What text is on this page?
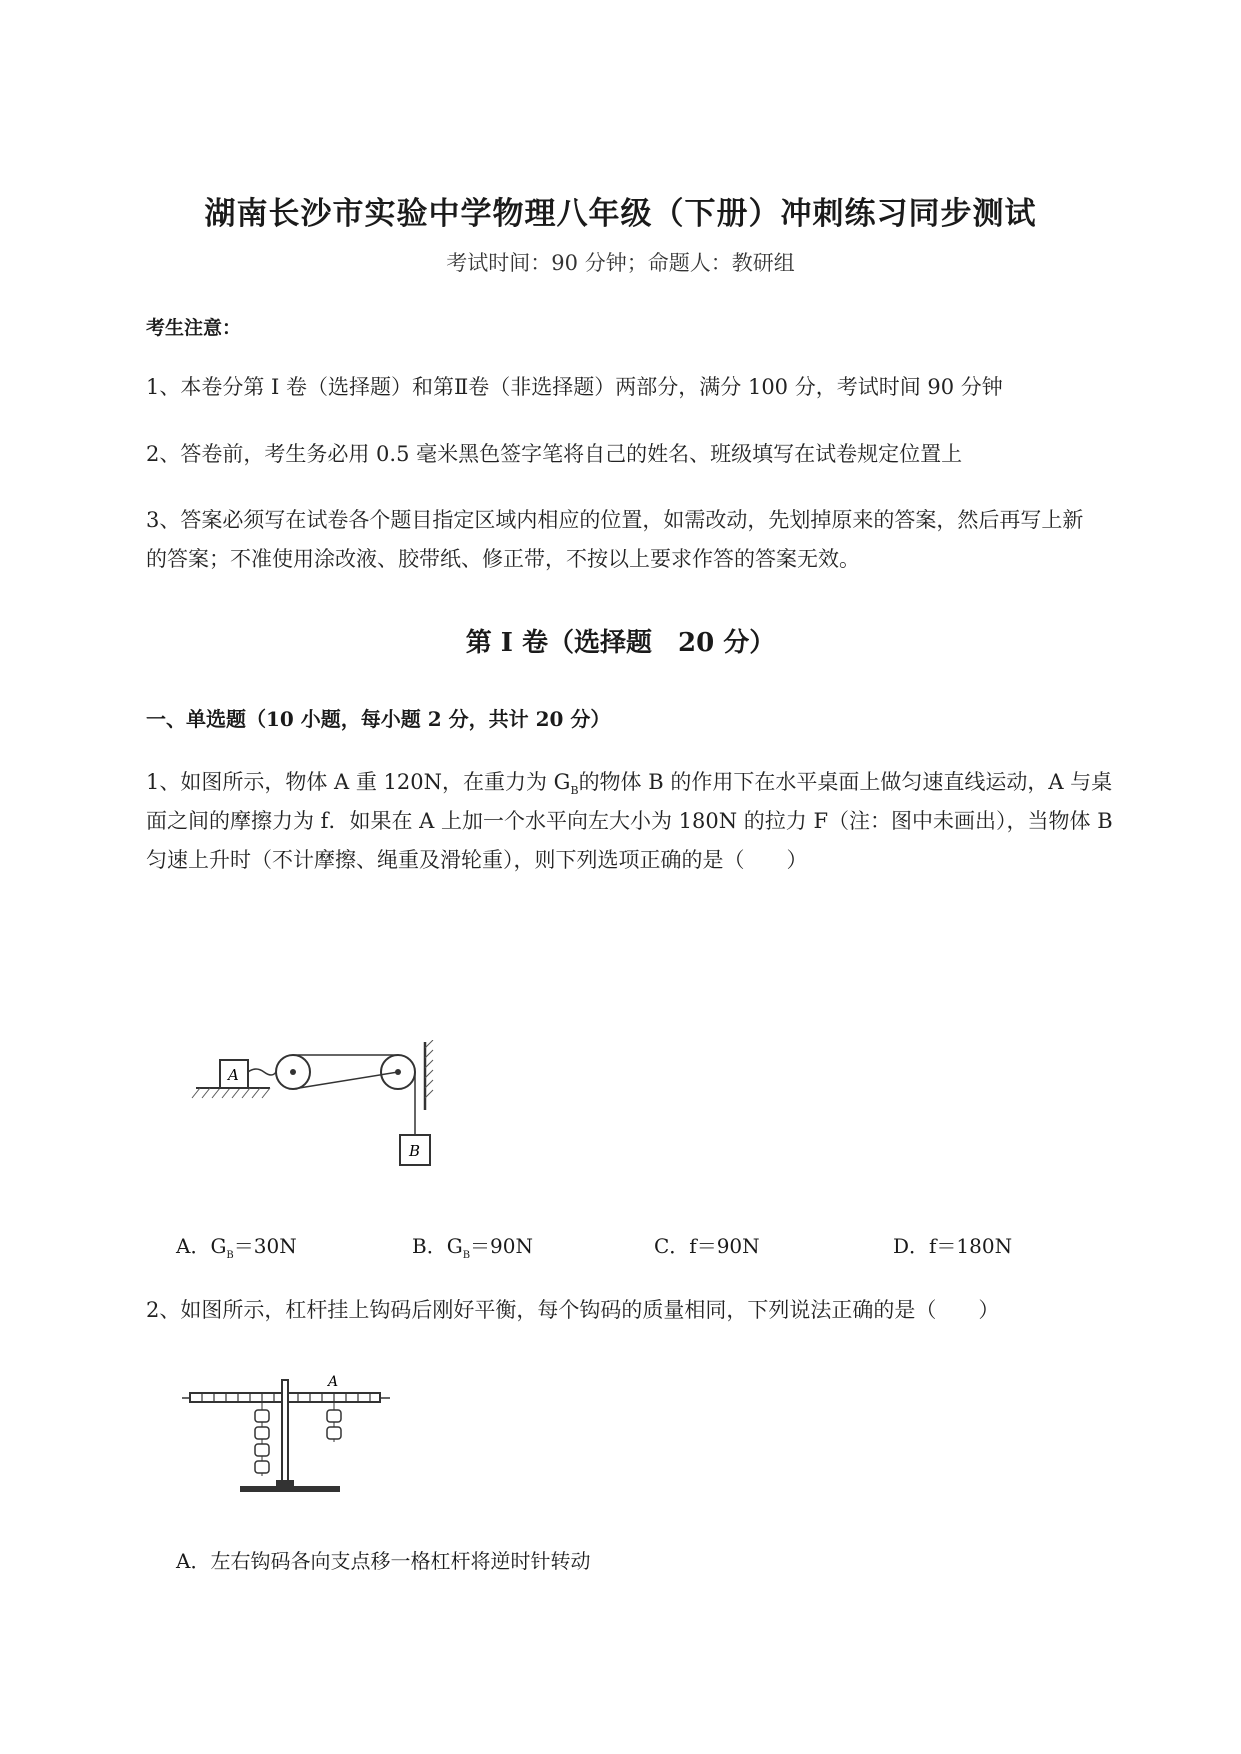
湖南长沙市实验中学物理八年级（下册）冲刺练习同步测试
考试时间：90 分钟；命题人：教研组
考生注意：
1、本卷分第 I 卷（选择题）和第Ⅱ卷（非选择题）两部分，满分 100 分，考试时间 90 分钟
2、答卷前，考生务必用 0.5 毫米黑色签字笔将自己的姓名、班级填写在试卷规定位置上
3、答案必须写在试卷各个题目指定区域内相应的位置，如需改动，先划掉原来的答案，然后再写上新
的答案；不准使用涂改液、胶带纸、修正带，不按以上要求作答的答案无效。
第 I 卷（选择题　20 分）
一、单选题（10 小题，每小题 2 分，共计 20 分）
1、如图所示，物体 A 重 120N，在重力为 $G_B$的物体 B 的作用下在水平桌面上做匀速直线运动，A 与桌
面之间的摩擦力为 f．如果在 A 上加一个水平向左大小为 180N 的拉力 F（注：图中未画出），当物体 B
匀速上升时（不计摩擦、绳重及滑轮重），则下列选项正确的是（　　）
A
B
A．$G_B=30N$	B．$G_B=90N$	C．f＝90N	D．f＝180N
2、如图所示，杠杆挂上钩码后刚好平衡，每个钩码的质量相同，下列说法正确的是（　　）
A
A．左右钩码各向支点移一格杠杆将逆时针转动
